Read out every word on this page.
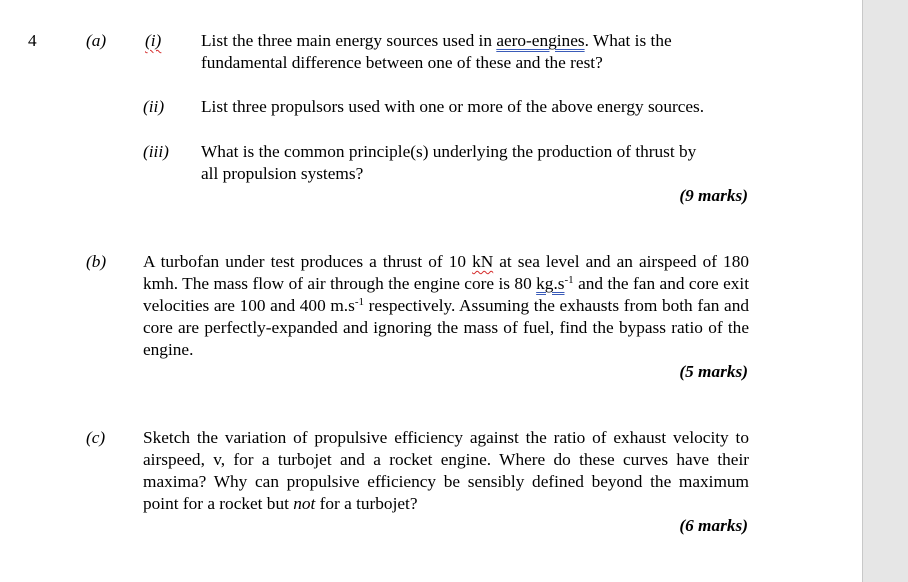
4	(a) (i) List the three main energy sources used in aero-engines. What is the
fundamental difference between one of these and the rest?
(ii) List three propulsors used with one or more of the above energy sources.
(iii) What is the common principle(s) underlying the production of thrust by
all propulsion systems?
(9 marks)
(b) A turbofan under test produces a thrust of 10 kN at sea level and an airspeed of 180 kmh. The mass flow of air through the engine core is 80 $kg.s^{-1}$ and the fan and core exit velocities are 100 and 400 $m.s^{-1}$ respectively. Assuming the exhausts from both fan and core are perfectly-expanded and ignoring the mass of fuel, find the bypass ratio of the engine.
(5 marks)
(c) Sketch the variation of propulsive efficiency against the ratio of exhaust velocity to airspeed, v, for a turbojet and a rocket engine. Where do these curves have their maxima? Why can propulsive efficiency be sensibly defined beyond the maximum point for a rocket but not for a turbojet?
(6 marks)
